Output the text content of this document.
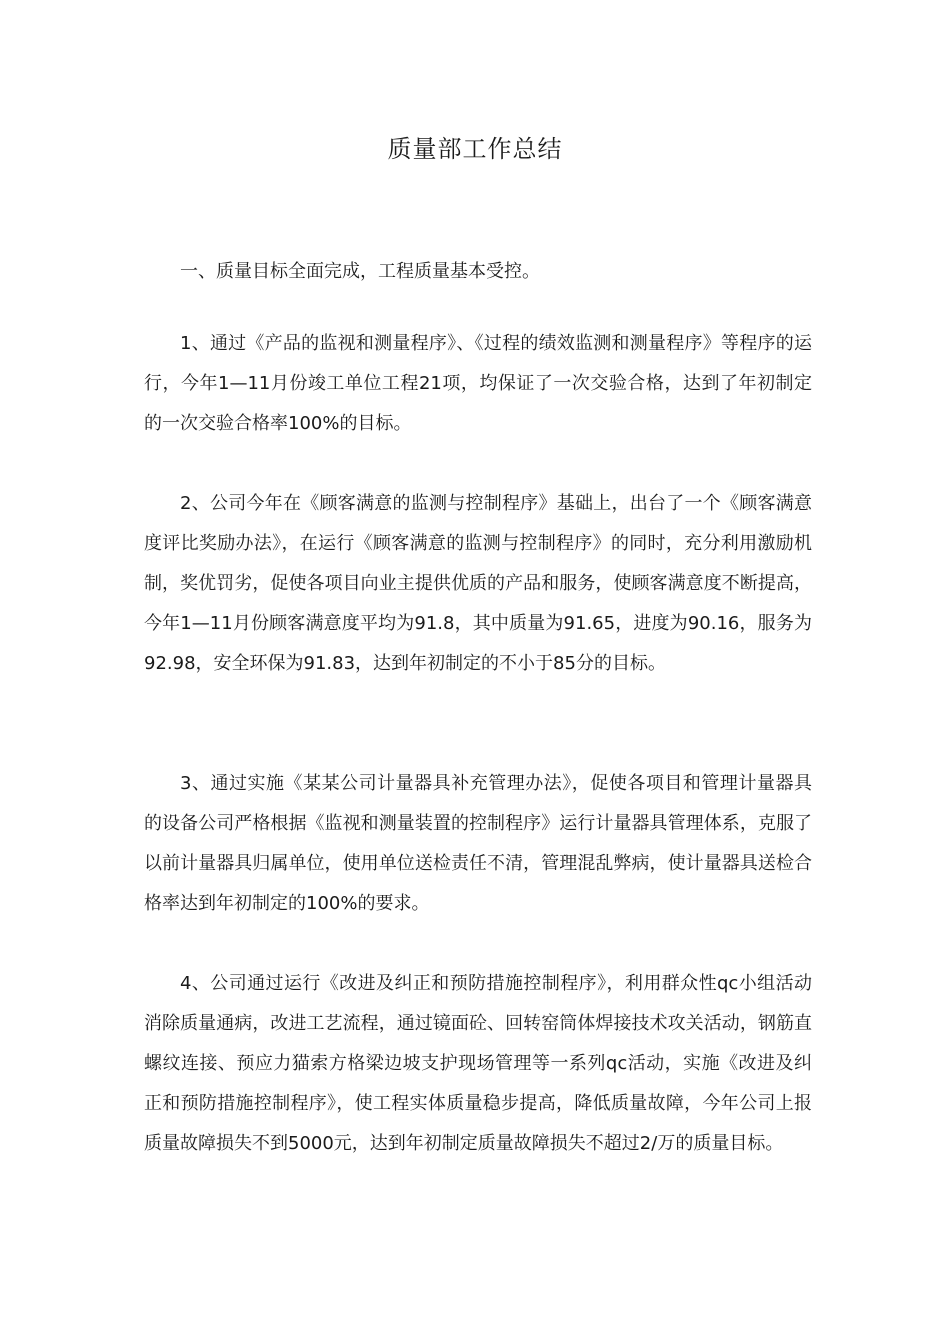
质量部工作总结

一、质量目标全面完成，工程质量基本受控。

1、通过《产品的监视和测量程序》、《过程的绩效监测和测量程序》等程序的运行，今年1—11月份竣工单位工程21项，均保证了一次交验合格，达到了年初制定的一次交验合格率100%的目标。

2、公司今年在《顾客满意的监测与控制程序》基础上，出台了一个《顾客满意度评比奖励办法》，在运行《顾客满意的监测与控制程序》的同时，充分利用激励机制，奖优罚劣，促使各项目向业主提供优质的产品和服务，使顾客满意度不断提高，今年1—11月份顾客满意度平均为91.8，其中质量为91.65，进度为90.16，服务为92.98，安全环保为91.83，达到年初制定的不小于85分的目标。

3、通过实施《某某公司计量器具补充管理办法》，促使各项目和管理计量器具的设备公司严格根据《监视和测量装置的控制程序》运行计量器具管理体系，克服了以前计量器具归属单位，使用单位送检责任不清，管理混乱弊病，使计量器具送检合格率达到年初制定的100%的要求。

4、公司通过运行《改进及纠正和预防措施控制程序》，利用群众性qc小组活动消除质量通病，改进工艺流程，通过镜面砼、回转窑筒体焊接技术攻关活动，钢筋直螺纹连接、预应力猫索方格梁边坡支护现场管理等一系列qc活动，实施《改进及纠正和预防措施控制程序》，使工程实体质量稳步提高，降低质量故障，今年公司上报质量故障损失不到5000元，达到年初制定质量故障损失不超过2/万的质量目标。
